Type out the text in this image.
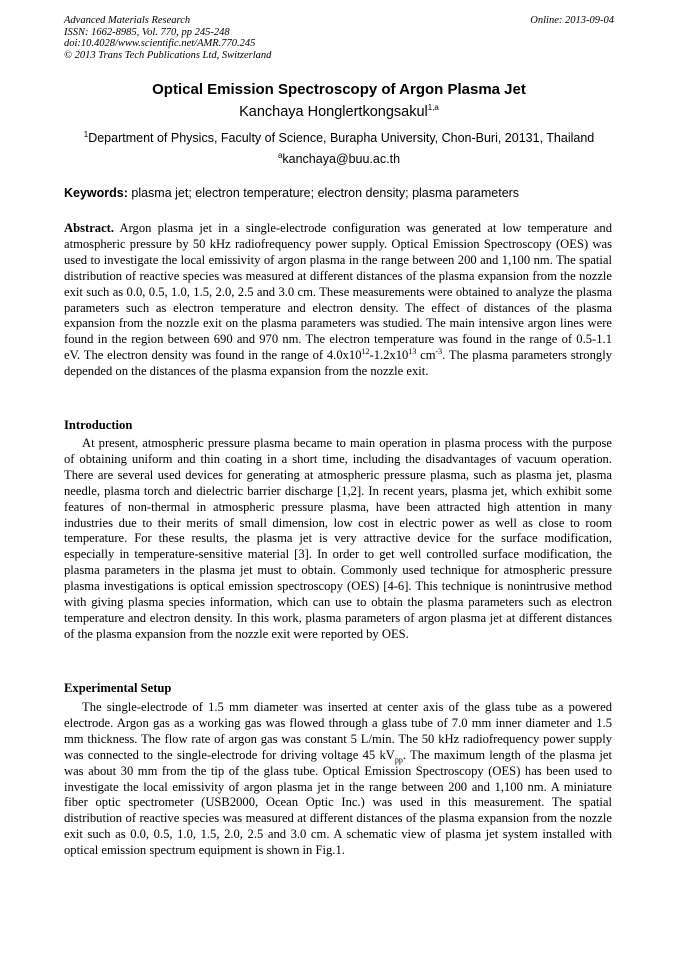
Advanced Materials Research
ISSN: 1662-8985, Vol. 770, pp 245-248
doi:10.4028/www.scientific.net/AMR.770.245
© 2013 Trans Tech Publications Ltd, Switzerland
Online: 2013-09-04
Optical Emission Spectroscopy of Argon Plasma Jet
Kanchaya Honglertkongsakul$^{1,a}$
$^1$Department of Physics, Faculty of Science, Burapha University, Chon-Buri, 20131, Thailand
$^a$kanchaya@buu.ac.th
Keywords: plasma jet; electron temperature; electron density; plasma parameters
Abstract. Argon plasma jet in a single-electrode configuration was generated at low temperature and atmospheric pressure by 50 kHz radiofrequency power supply. Optical Emission Spectroscopy (OES) was used to investigate the local emissivity of argon plasma in the range between 200 and 1,100 nm. The spatial distribution of reactive species was measured at different distances of the plasma expansion from the nozzle exit such as 0.0, 0.5, 1.0, 1.5, 2.0, 2.5 and 3.0 cm. These measurements were obtained to analyze the plasma parameters such as electron temperature and electron density. The effect of distances of the plasma expansion from the nozzle exit on the plasma parameters was studied. The main intensive argon lines were found in the region between 690 and 970 nm. The electron temperature was found in the range of 0.5-1.1 eV. The electron density was found in the range of $4.0x10^{12}-1.2x10^{13}$ $cm^{-3}$. The plasma parameters strongly depended on the distances of the plasma expansion from the nozzle exit.
Introduction
At present, atmospheric pressure plasma became to main operation in plasma process with the purpose of obtaining uniform and thin coating in a short time, including the disadvantages of vacuum operation. There are several used devices for generating at atmospheric pressure plasma, such as plasma jet, plasma needle, plasma torch and dielectric barrier discharge [1,2]. In recent years, plasma jet, which exhibit some features of non-thermal in atmospheric pressure plasma, have been attracted high attention in many industries due to their merits of small dimension, low cost in electric power as well as close to room temperature. For these results, the plasma jet is very attractive device for the surface modification, especially in temperature-sensitive material [3]. In order to get well controlled surface modification, the plasma parameters in the plasma jet must to obtain. Commonly used technique for atmospheric pressure plasma investigations is optical emission spectroscopy (OES) [4-6]. This technique is nonintrusive method with giving plasma species information, which can use to obtain the plasma parameters such as electron temperature and electron density. In this work, plasma parameters of argon plasma jet at different distances of the plasma expansion from the nozzle exit were reported by OES.
Experimental Setup
The single-electrode of 1.5 mm diameter was inserted at center axis of the glass tube as a powered electrode. Argon gas as a working gas was flowed through a glass tube of 7.0 mm inner diameter and 1.5 mm thickness. The flow rate of argon gas was constant 5 L/min. The 50 kHz radiofrequency power supply was connected to the single-electrode for driving voltage 45 $kV_{pp}$. The maximum length of the plasma jet was about 30 mm from the tip of the glass tube. Optical Emission Spectroscopy (OES) has been used to investigate the local emissivity of argon plasma jet in the range between 200 and 1,100 nm. A miniature fiber optic spectrometer (USB2000, Ocean Optic Inc.) was used in this measurement. The spatial distribution of reactive species was measured at different distances of the plasma expansion from the nozzle exit such as 0.0, 0.5, 1.0, 1.5, 2.0, 2.5 and 3.0 cm. A schematic view of plasma jet system installed with optical emission spectrum equipment is shown in Fig.1.
